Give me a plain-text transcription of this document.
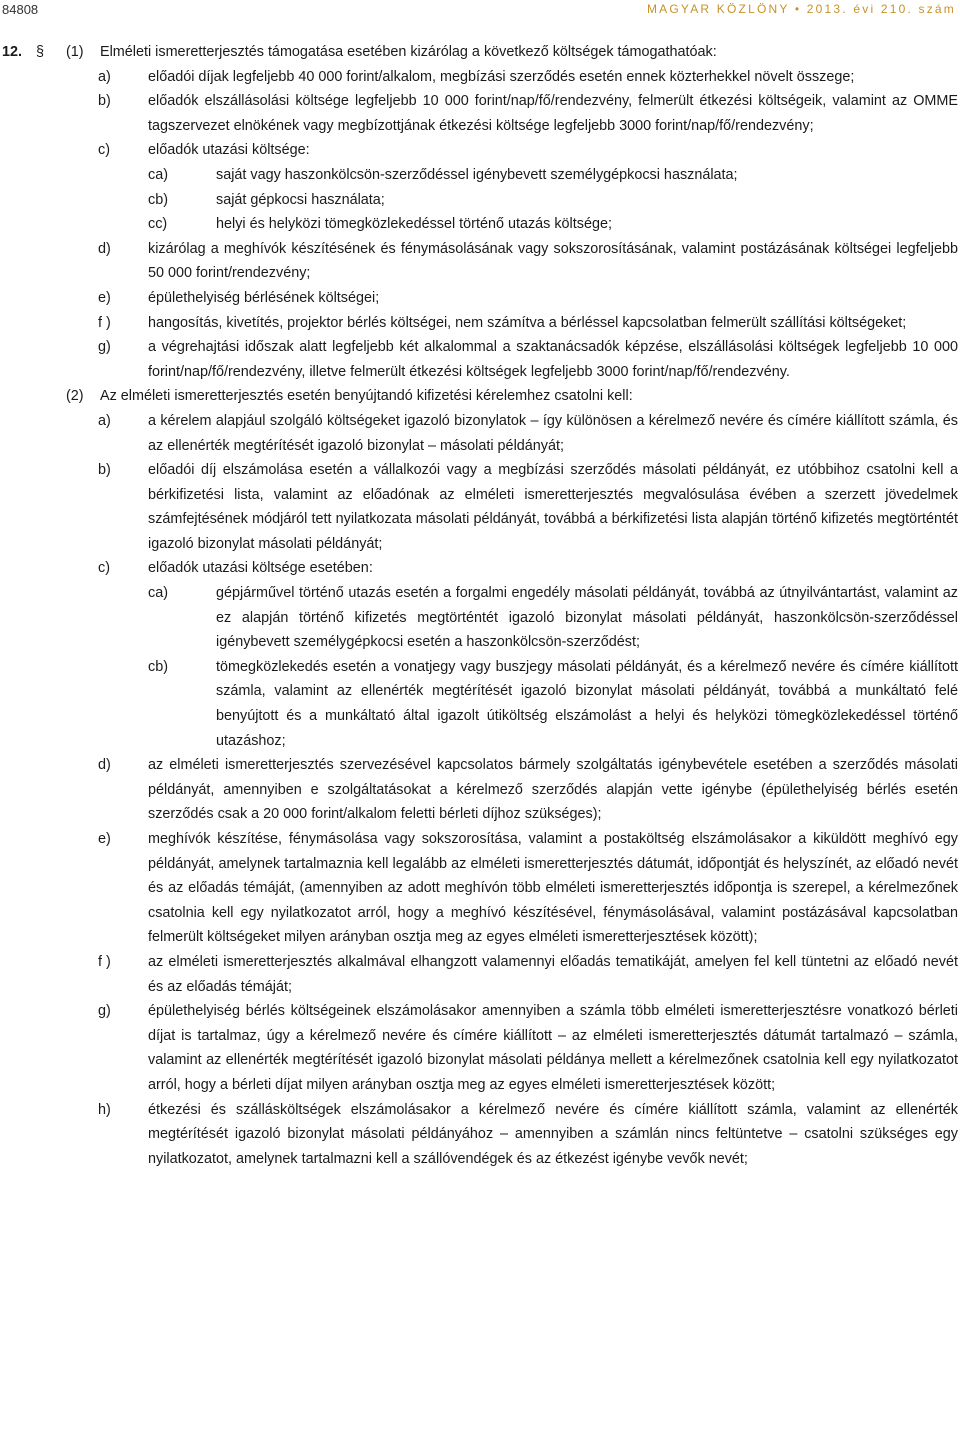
84808	MAGYAR KÖZLÖNY • 2013. évi 210. szám
12. §	(1)	Elméleti ismeretterjesztés támogatása esetében kizárólag a következő költségek támogathatóak:
a)	előadói díjak legfeljebb 40 000 forint/alkalom, megbízási szerződés esetén ennek közterhekkel növelt összege;
b)	előadók elszállásolási költsége legfeljebb 10 000 forint/nap/fő/rendezvény, felmerült étkezési költségeik, valamint az OMME tagszervezet elnökének vagy megbízottjának étkezési költsége legfeljebb 3000 forint/nap/fő/rendezvény;
c)	előadók utazási költsége:
ca)	saját vagy haszonkölcsön-szerződéssel igénybevett személygépkocsi használata;
cb)	saját gépkocsi használata;
cc)	helyi és helyközi tömegközlekedéssel történő utazás költsége;
d)	kizárólag a meghívók készítésének és fénymásolásának vagy sokszorosításának, valamint postázásának költségei legfeljebb 50 000 forint/rendezvény;
e)	épülethelyiség bérlésének költségei;
f )	hangosítás, kivetítés, projektor bérlés költségei, nem számítva a bérléssel kapcsolatban felmerült szállítási költségeket;
g)	a végrehajtási időszak alatt legfeljebb két alkalommal a szaktanácsadók képzése, elszállásolási költségek legfeljebb 10 000 forint/nap/fő/rendezvény, illetve felmerült étkezési költségek legfeljebb 3000 forint/nap/fő/rendezvény.
(2)	Az elméleti ismeretterjesztés esetén benyújtandó kifizetési kérelemhez csatolni kell:
a)	a kérelem alapjául szolgáló költségeket igazoló bizonylatok – így különösen a kérelmező nevére és címére kiállított számla, és az ellenérték megtérítését igazoló bizonylat – másolati példányát;
b)	előadói díj elszámolása esetén a vállalkozói vagy a megbízási szerződés másolati példányát, ez utóbbihoz csatolni kell a bérkifizetési lista, valamint az előadónak az elméleti ismeretterjesztés megvalósulása évében a szerzett jövedelmek számfejtésének módjáról tett nyilatkozata másolati példányát, továbbá a bérkifizetési lista alapján történő kifizetés megtörténtét igazoló bizonylat másolati példányát;
c)	előadók utazási költsége esetében:
ca)	gépjárművel történő utazás esetén a forgalmi engedély másolati példányát, továbbá az útnyilvántartást, valamint az ez alapján történő kifizetés megtörténtét igazoló bizonylat másolati példányát, haszonkölcsön-szerződéssel igénybevett személygépkocsi esetén a haszonkölcsön-szerződést;
cb)	tömegközlekedés esetén a vonatjegy vagy buszjegy másolati példányát, és a kérelmező nevére és címére kiállított számla, valamint az ellenérték megtérítését igazoló bizonylat másolati példányát, továbbá a munkáltató felé benyújtott és a munkáltató által igazolt útiköltség elszámolást a helyi és helyközi tömegközlekedéssel történő utazáshoz;
d)	az elméleti ismeretterjesztés szervezésével kapcsolatos bármely szolgáltatás igénybevétele esetében a szerződés másolati példányát, amennyiben e szolgáltatásokat a kérelmező szerződés alapján vette igénybe (épülethelyiség bérlés esetén szerződés csak a 20 000 forint/alkalom feletti bérleti díjhoz szükséges);
e)	meghívók készítése, fénymásolása vagy sokszorosítása, valamint a postaköltség elszámolásakor a kiküldött meghívó egy példányát, amelynek tartalmaznia kell legalább az elméleti ismeretterjesztés dátumát, időpontját és helyszínét, az előadó nevét és az előadás témáját, (amennyiben az adott meghívón több elméleti ismeretterjesztés időpontja is szerepel, a kérelmezőnek csatolnia kell egy nyilatkozatot arról, hogy a meghívó készítésével, fénymásolásával, valamint postázásával kapcsolatban felmerült költségeket milyen arányban osztja meg az egyes elméleti ismeretterjesztések között);
f )	az elméleti ismeretterjesztés alkalmával elhangzott valamennyi előadás tematikáját, amelyen fel kell tüntetni az előadó nevét és az előadás témáját;
g)	épülethelyiség bérlés költségeinek elszámolásakor amennyiben a számla több elméleti ismeretterjesztésre vonatkozó bérleti díjat is tartalmaz, úgy a kérelmező nevére és címére kiállított – az elméleti ismeretterjesztés dátumát tartalmazó – számla, valamint az ellenérték megtérítését igazoló bizonylat másolati példánya mellett a kérelmezőnek csatolnia kell egy nyilatkozatot arról, hogy a bérleti díjat milyen arányban osztja meg az egyes elméleti ismeretterjesztések között;
h)	étkezési és szállásköltségek elszámolásakor a kérelmező nevére és címére kiállított számla, valamint az ellenérték megtérítését igazoló bizonylat másolati példányához – amennyiben a számlán nincs feltüntetve – csatolni szükséges egy nyilatkozatot, amelynek tartalmazni kell a szállóvendégek és az étkezést igénybe vevők nevét;
